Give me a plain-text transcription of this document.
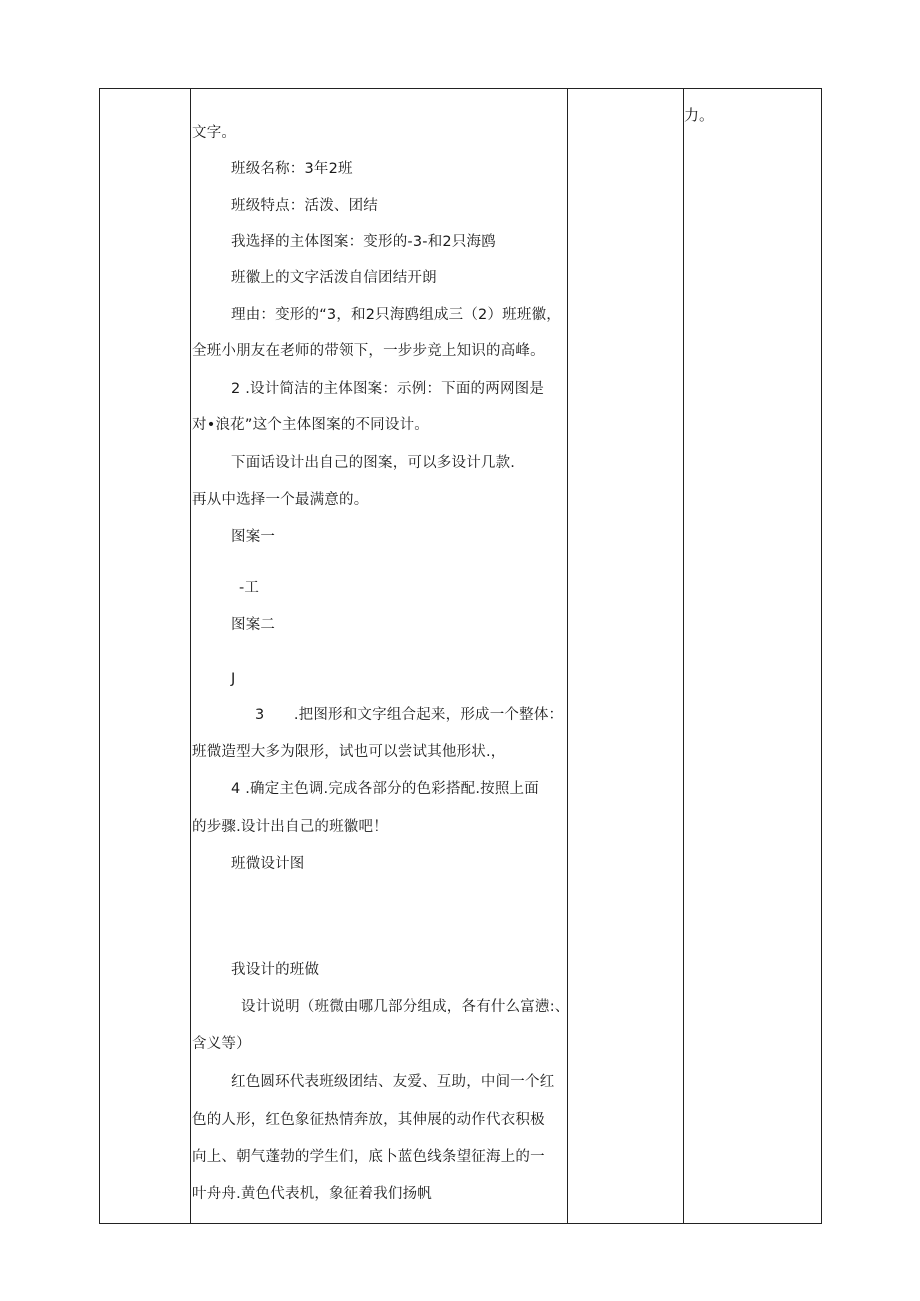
文字。
班级名称：3年2班
班级特点：活泼、团结
我选择的主体图案：变形的-3-和2只海鸥
班徽上的文字活泼自信团结开朗
理由：变形的“3，和2只海鸥组成三（2）班班徽，
全班小朋友在老师的带领下，一步步竞上知识的高峰。
2 .设计简洁的主体图案：示例：下面的两网图是
对•浪花”这个主体图案的不同设计。
下面话设计出自己的图案，可以多设计几款.
再从中选择一个最满意的。
图案一
-工
图案二
J
3　　.把图形和文字组合起来，形成一个整体：
班微造型大多为限形，试也可以尝试其他形状.，
4 .确定主色调.完成各部分的色彩搭配.按照上面
的步骤.设计出自己的班徽吧！
班微设计图
我设计的班做
设计说明（班微由哪几部分组成，各有什么富懑:、
含义等）
红色圆环代表班级团结、友爱、互助，中间一个红
色的人形，红色象征热情奔放，其伸展的动作代衣积极
向上、朝气蓬勃的学生们，底卜蓝色线条望征海上的一
叶舟舟.黄色代表机，象征着我们扬帆

力。
